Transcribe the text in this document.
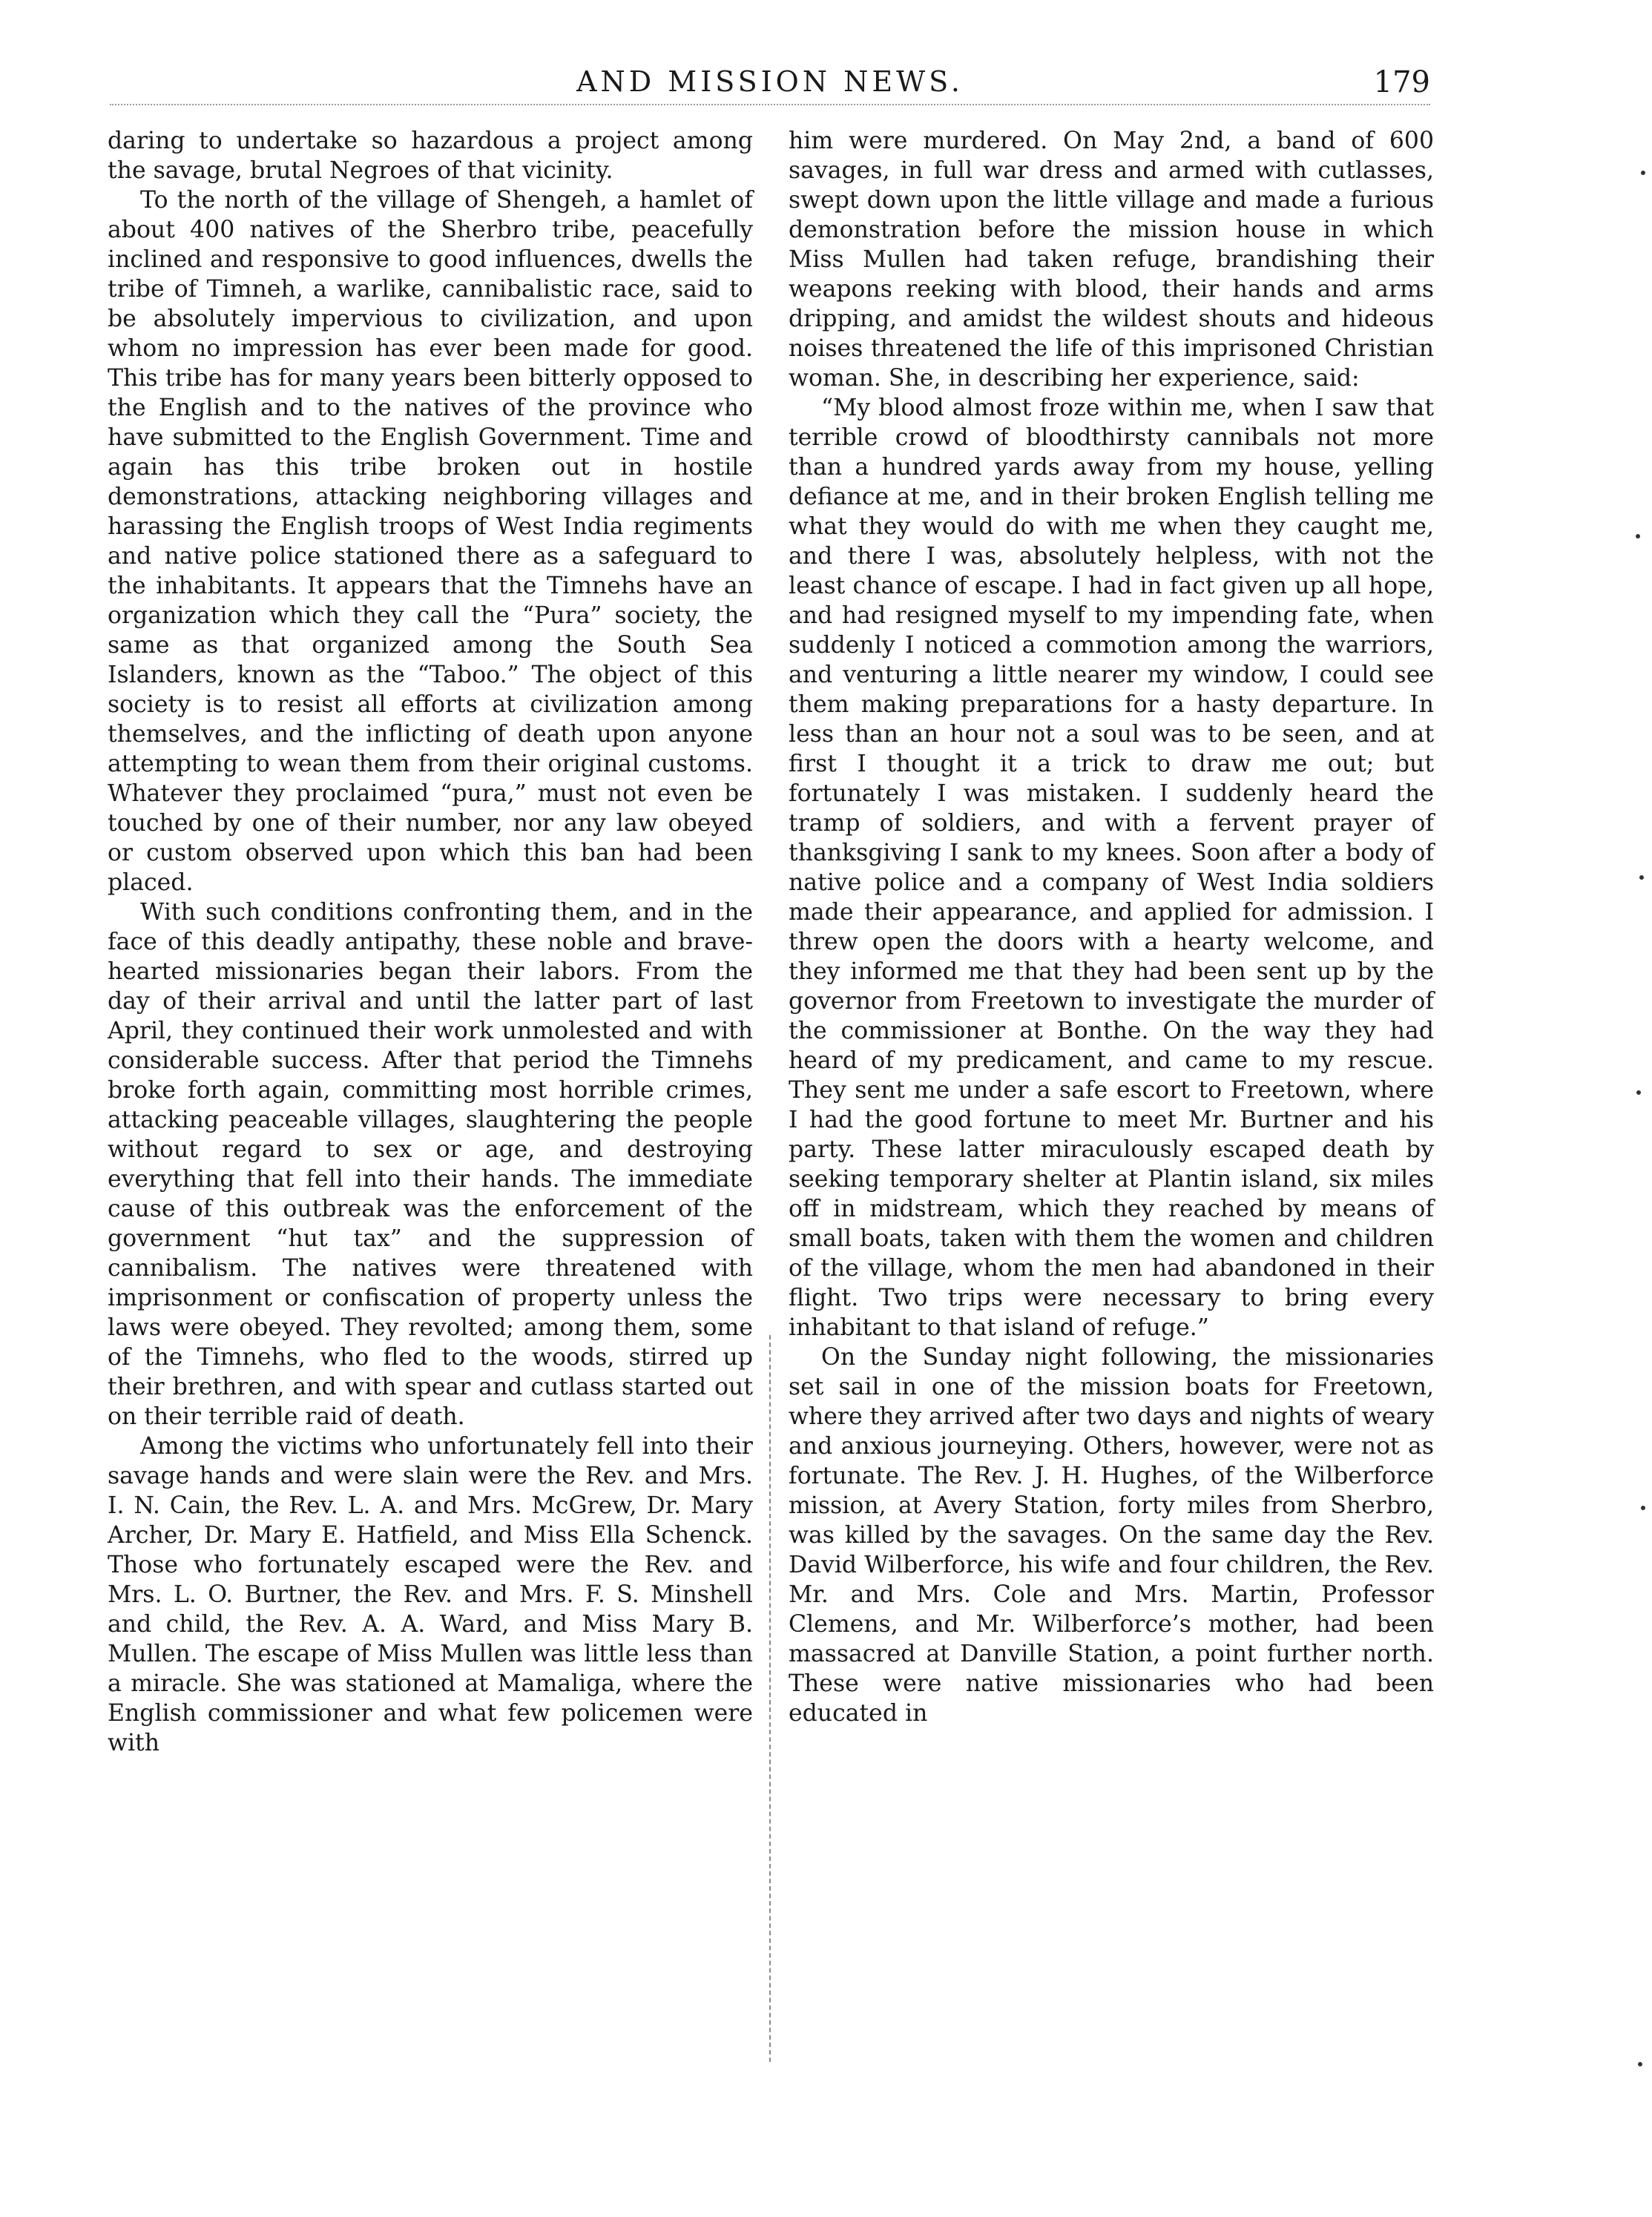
AND MISSION NEWS.	179

daring to undertake so hazardous a project among the savage, brutal Negroes of that vicinity.

To the north of the village of Shengeh, a hamlet of about 400 natives of the Sherbro tribe, peacefully inclined and responsive to good influences, dwells the tribe of Timneh, a warlike, cannibalistic race, said to be absolutely impervious to civilization, and upon whom no impression has ever been made for good. This tribe has for many years been bitterly opposed to the English and to the natives of the province who have submitted to the English Government. Time and again has this tribe broken out in hostile demonstrations, attacking neighboring villages and harassing the English troops of West India regiments and native police stationed there as a safeguard to the inhabitants. It appears that the Timnehs have an organization which they call the “Pura” society, the same as that organized among the South Sea Islanders, known as the “Taboo.” The object of this society is to resist all efforts at civilization among themselves, and the inflicting of death upon anyone attempting to wean them from their original customs. Whatever they proclaimed “pura,” must not even be touched by one of their number, nor any law obeyed or custom observed upon which this ban had been placed.

With such conditions confronting them, and in the face of this deadly antipathy, these noble and brave-hearted missionaries began their labors. From the day of their arrival and until the latter part of last April, they continued their work unmolested and with considerable success. After that period the Timnehs broke forth again, committing most horrible crimes, attacking peaceable villages, slaughtering the people without regard to sex or age, and destroying everything that fell into their hands. The immediate cause of this outbreak was the enforcement of the government “hut tax” and the suppression of cannibalism. The natives were threatened with imprisonment or confiscation of property unless the laws were obeyed. They revolted; among them, some of the Timnehs, who fled to the woods, stirred up their brethren, and with spear and cutlass started out on their terrible raid of death.

Among the victims who unfortunately fell into their savage hands and were slain were the Rev. and Mrs. I. N. Cain, the Rev. L. A. and Mrs. McGrew, Dr. Mary Archer, Dr. Mary E. Hatfield, and Miss Ella Schenck. Those who fortunately escaped were the Rev. and Mrs. L. O. Burtner, the Rev. and Mrs. F. S. Minshell and child, the Rev. A. A. Ward, and Miss Mary B. Mullen. The escape of Miss Mullen was little less than a miracle. She was stationed at Mamaliga, where the English commissioner and what few policemen were with

him were murdered. On May 2nd, a band of 600 savages, in full war dress and armed with cutlasses, swept down upon the little village and made a furious demonstration before the mission house in which Miss Mullen had taken refuge, brandishing their weapons reeking with blood, their hands and arms dripping, and amidst the wildest shouts and hideous noises threatened the life of this imprisoned Christian woman. She, in describing her experience, said:

“My blood almost froze within me, when I saw that terrible crowd of bloodthirsty cannibals not more than a hundred yards away from my house, yelling defiance at me, and in their broken English telling me what they would do with me when they caught me, and there I was, absolutely helpless, with not the least chance of escape. I had in fact given up all hope, and had resigned myself to my impending fate, when suddenly I noticed a commotion among the warriors, and venturing a little nearer my window, I could see them making preparations for a hasty departure. In less than an hour not a soul was to be seen, and at first I thought it a trick to draw me out; but fortunately I was mistaken. I suddenly heard the tramp of soldiers, and with a fervent prayer of thanksgiving I sank to my knees. Soon after a body of native police and a company of West India soldiers made their appearance, and applied for admission. I threw open the doors with a hearty welcome, and they informed me that they had been sent up by the governor from Freetown to investigate the murder of the commissioner at Bonthe. On the way they had heard of my predicament, and came to my rescue. They sent me under a safe escort to Freetown, where I had the good fortune to meet Mr. Burtner and his party. These latter miraculously escaped death by seeking temporary shelter at Plantin island, six miles off in midstream, which they reached by means of small boats, taken with them the women and children of the village, whom the men had abandoned in their flight. Two trips were necessary to bring every inhabitant to that island of refuge.”

On the Sunday night following, the missionaries set sail in one of the mission boats for Freetown, where they arrived after two days and nights of weary and anxious journeying. Others, however, were not as fortunate. The Rev. J. H. Hughes, of the Wilberforce mission, at Avery Station, forty miles from Sherbro, was killed by the savages. On the same day the Rev. David Wilberforce, his wife and four children, the Rev. Mr. and Mrs. Cole and Mrs. Martin, Professor Clemens, and Mr. Wilberforce’s mother, had been massacred at Danville Station, a point further north. These were native missionaries who had been educated in
